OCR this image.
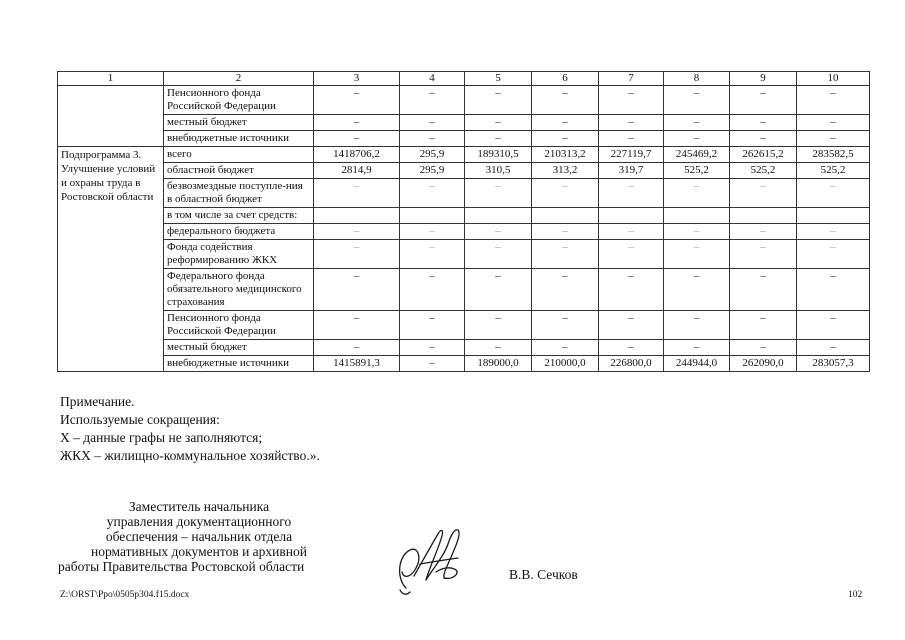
1	2	3	4	5	6	7	8	9	10
	Пенсионного фонда Российской Федерации	–	–	–	–	–	–	–	–
	местный бюджет	–	–	–	–	–	–	–	–
	внебюджетные источники	–	–	–	–	–	–	–	–
Подпрограмма 3. Улучшение условий и охраны труда в Ростовской области	всего	1418706,2	295,9	189310,5	210313,2	227119,7	245469,2	262615,2	283582,5
	областной бюджет	2814,9	295,9	310,5	313,2	319,7	525,2	525,2	525,2
	безвозмездные поступле-ния в областной бюджет	–	–	–	–	–	–	–	–
	в том числе за счет средств:								
	федерального бюджета	–	–	–	–	–	–	–	–
	Фонда содействия реформированию ЖКХ	–	–	–	–	–	–	–	–
	Федерального фонда обязательного медицинского страхования	–	–	–	–	–	–	–	–
	Пенсионного фонда Российской Федерации	–	–	–	–	–	–	–	–
	местный бюджет	–	–	–	–	–	–	–	–
	внебюджетные источники	1415891,3	–	189000,0	210000,0	226800,0	244944,0	262090,0	283057,3
Примечание.
Используемые сокращения:
Х – данные графы не заполняются;
ЖКХ – жилищно-коммунальное хозяйство.».
Заместитель начальника
управления документационного
обеспечения – начальник отдела
нормативных документов и архивной
работы Правительства Ростовской области
В.В. Сечков
Z:\ORST\Ppo\0505p304.f15.docx	102
